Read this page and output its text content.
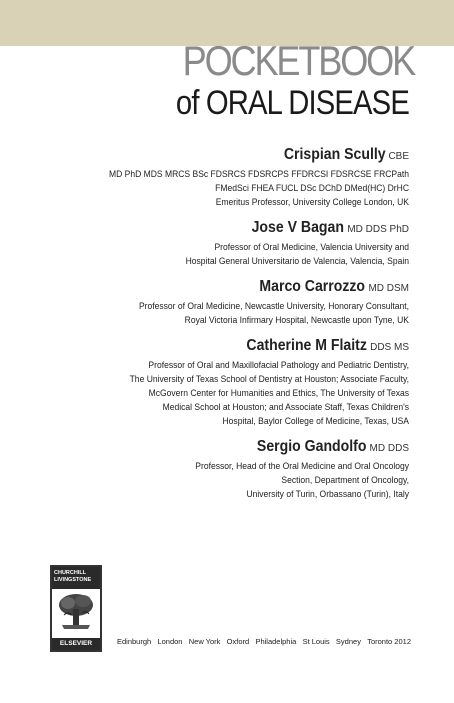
POCKETBOOK
of ORAL DISEASE
Crispian Scully CBE
MD PhD MDS MRCS BSc FDSRCS FDSRCPS FFDRCSI FDSRCSE FRCPath
FMedSci FHEA FUCL DSc DChD DMed(HC) DrHC
Emeritus Professor, University College London, UK
Jose V Bagan MD DDS PhD
Professor of Oral Medicine, Valencia University and
Hospital General Universitario de Valencia, Valencia, Spain
Marco Carrozzo MD DSM
Professor of Oral Medicine, Newcastle University, Honorary Consultant,
Royal Victoria Infirmary Hospital, Newcastle upon Tyne, UK
Catherine M Flaitz DDS MS
Professor of Oral and Maxillofacial Pathology and Pediatric Dentistry,
The University of Texas School of Dentistry at Houston; Associate Faculty,
McGovern Center for Humanities and Ethics, The University of Texas
Medical School at Houston; and Associate Staff, Texas Children's
Hospital, Baylor College of Medicine, Texas, USA
Sergio Gandolfo MD DDS
Professor, Head of the Oral Medicine and Oral Oncology
Section, Department of Oncology,
University of Turin, Orbassano (Turin), Italy
CHURCHILL LIVINGSTONE
ELSEVIER	Edinburgh London New York Oxford Philadelphia St Louis Sydney Toronto 2012
